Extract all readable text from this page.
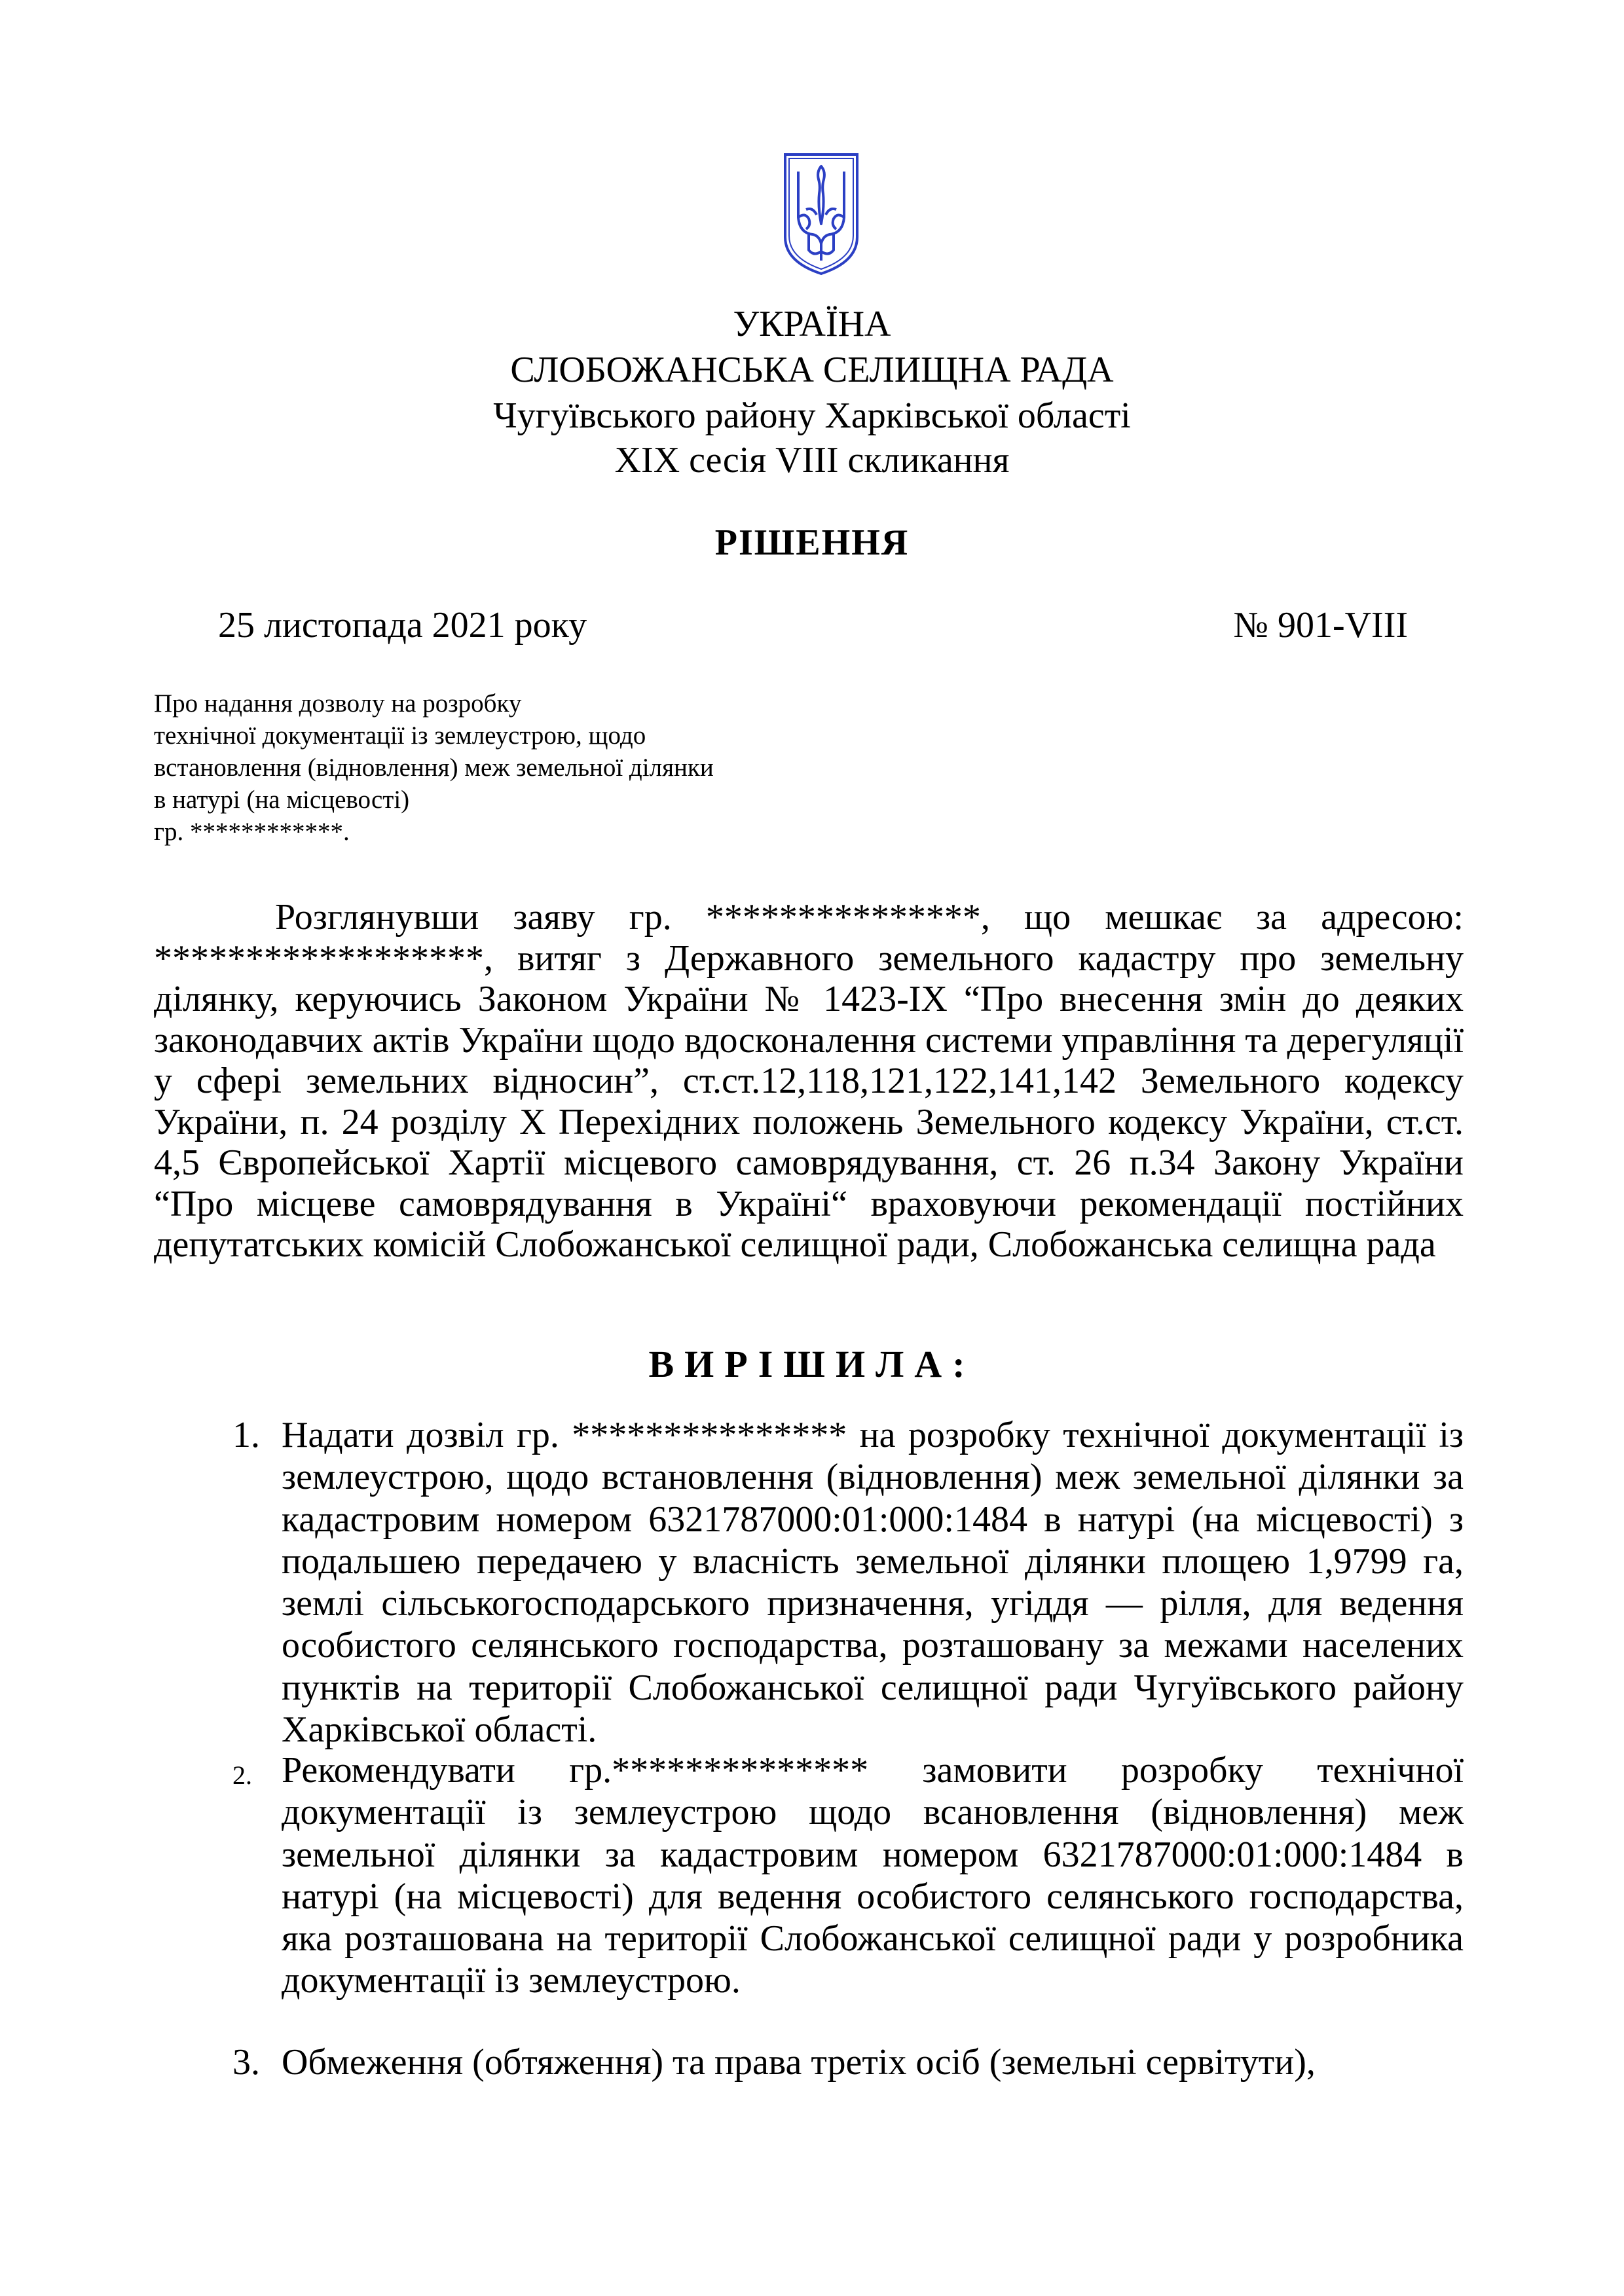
УКРАЇНА
СЛОБОЖАНСЬКА СЕЛИЩНА РАДА
Чугуївського району Харківської області
XIX сесія VIII скликання
РІШЕННЯ
25 листопада 2021 року	№ 901-VIII
Про надання дозволу на розробку
технічної документації із землеустрою, щодо
встановлення (відновлення) меж земельної ділянки
в натурі (на місцевості)
гр. ************.
Розглянувши заяву гр. ***************, що мешкає за адресою: ******************, витяг з Державного земельного кадастру про земельну ділянку, керуючись Законом України № 1423-IX “Про внесення змін до деяких законодавчих актів України щодо вдосконалення системи управління та дерегуляції у сфері земельних відносин”, ст.ст.12,118,121,122,141,142 Земельного кодексу України, п. 24 розділу Х Перехідних положень Земельного кодексу України, ст.ст. 4,5 Європейської Хартії місцевого самоврядування, ст. 26 п.34 Закону України “Про місцеве самоврядування в Україні“ враховуючи рекомендації постійних депутатських комісій Слобожанської селищної ради, Слобожанська селищна рада
ВИРІШИЛА:
1. Надати дозвіл гр. *************** на розробку технічної документації із землеустрою, щодо встановлення (відновлення) меж земельної ділянки за кадастровим номером 6321787000:01:000:1484 в натурі (на місцевості) з подальшею передачею у власність земельної ділянки площею 1,9799 га, землі сільськогосподарського призначення, угіддя — рілля, для ведення особистого селянського господарства, розташовану за межами населених пунктів на території Слобожанської селищної ради Чугуївського району Харківської області.
2. Рекомендувати гр.************** замовити розробку технічної документації із землеустрою щодо всановлення (відновлення) меж земельної ділянки за кадастровим номером 6321787000:01:000:1484 в натурі (на місцевості) для ведення особистого селянського господарства, яка розташована на території Слобожанської селищної ради у розробника документації із землеустрою.
3. Обмеження (обтяження) та права третіх осіб (земельні сервітути),
